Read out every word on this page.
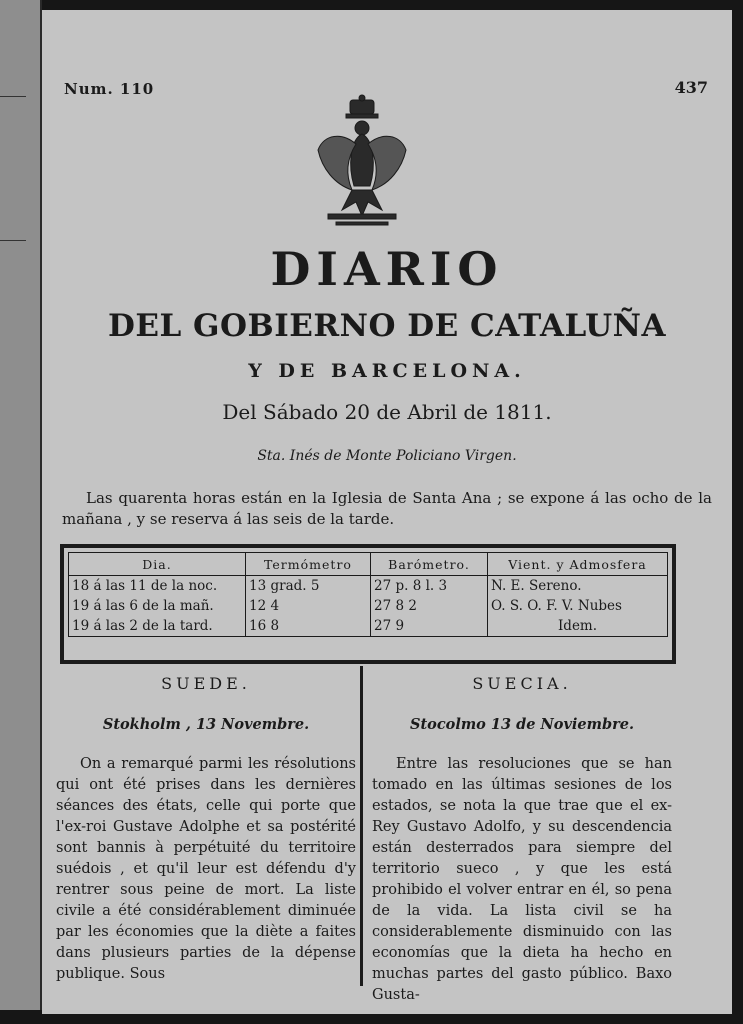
Num. 110	437
DIARIO
DEL GOBIERNO DE CATALUÑA
Y DE BARCELONA.
Del Sábado 20 de Abril de 1811.
Sta. Inés de Monte Policiano Virgen.
Las quarenta horas están en la Iglesia de Santa Ana ; se expone á las ocho de la mañana , y se reserva á las seis de la tarde.
Dia.	Termómetro	Barómetro.	Vient. y Admosfera
18 á las 11 de la noc.	13 grad. 5	27 p. 8 l. 3	N. E. Sereno.
19 á las 6 de la mañ.	12 4	27 8 2	O. S. O. F. V. Nubes
19 á las 2 de la tard.	16 8	27 9	Idem.
SUEDE.
Stokholm , 13 Novembre.

On a remarqué parmi les résolutions qui ont été prises dans les dernières séances des états, celle qui porte que l'ex-roi Gustave Adolphe et sa postérité sont bannis à perpétuité du territoire suédois , et qu'il leur est défendu d'y rentrer sous peine de mort. La liste civile a été considérablement diminuée par les économies que la diète a faites dans plusieurs parties de la dépense publique. Sous

SUECIA.
Stocolmo 13 de Noviembre.

Entre las resoluciones que se han tomado en las últimas sesiones de los estados, se nota la que trae que el ex-Rey Gustavo Adolfo, y su descendencia están desterrados para siempre del territorio sueco , y que les está prohibido el volver entrar en él, so pena de la vida. La lista civil se ha considerablemente disminuido con las economías que la dieta ha hecho en muchas partes del gasto público. Baxo Gusta-
